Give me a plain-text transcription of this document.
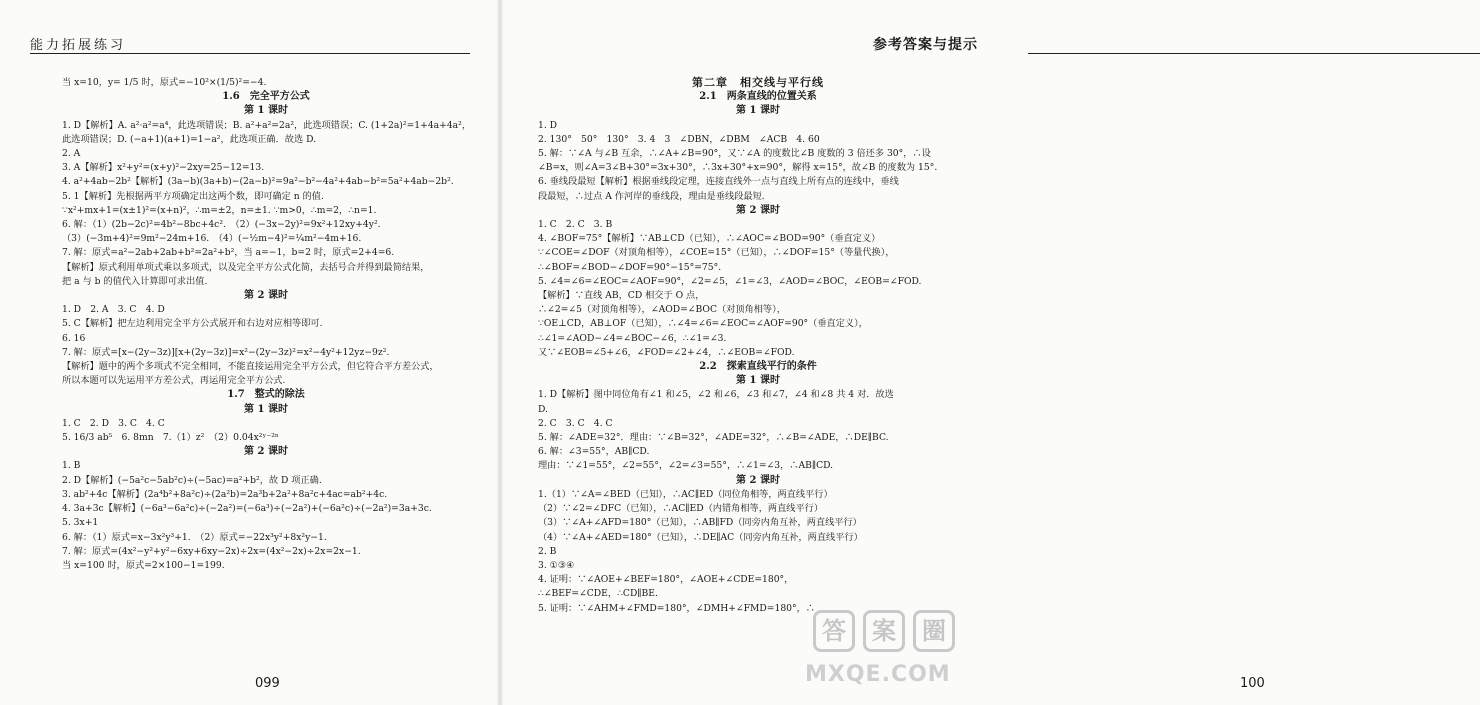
能力拓展练习
当 x=10，y= 1/5 时，原式=−10²×(1/5)²=−4.
1.6　完全平方公式
第 1 课时
1. D【解析】A. a²·a²=a⁴，此选项错误；B. a²+a²=2a²，此选项错误；C. (1+2a)²=1+4a+4a²，
此选项错误；D. (−a+1)(a+1)=1−a²，此选项正确．故选 D.
2. A
3. A【解析】x²+y²=(x+y)²−2xy=25−12=13.
4. a²+4ab−2b²【解析】(3a−b)(3a+b)−(2a−b)²=9a²−b²−4a²+4ab−b²=5a²+4ab−2b².
5. 1【解析】先根据两平方项确定出这两个数，即可确定 n 的值.
∵x²+mx+1=(x±1)²=(x+n)²，∴m=±2，n=±1. ∵m>0，∴m=2，∴n=1.
6. 解：（1）(2b−2c)²=4b²−8bc+4c².　（2）(−3x−2y)²=9x²+12xy+4y².
（3）(−3m+4)²=9m²−24m+16.　（4）(−½m−4)²=¼m²−4m+16.
7. 解：原式=a²−2ab+2ab+b²=2a²+b²，当 a=−1，b=2 时，原式=2+4=6.
【解析】原式利用单项式乘以多项式，以及完全平方公式化简，去括号合并得到最简结果，
把 a 与 b 的值代入计算即可求出值.
第 2 课时
1. D　2. A　3. C　4. D
5. C【解析】把左边利用完全平方公式展开和右边对应相等即可.
6. 16
7. 解：原式=[x−(2y−3z)][x+(2y−3z)]=x²−(2y−3z)²=x²−4y²+12yz−9z².
【解析】题中的两个多项式不完全相同，不能直接运用完全平方公式，但它符合平方差公式，
所以本题可以先运用平方差公式，再运用完全平方公式.
1.7　整式的除法
第 1 课时
1. C　2. D　3. C　4. C
5. 16/3 ab⁵　6. 8mn　7.（1）z²　（2）0.04x²ʸ⁻²ⁿ
第 2 课时
1. B
2. D【解析】(−5a²c−5ab²c)÷(−5ac)=a²+b²，故 D 项正确.
3. ab²+4c【解析】(2a⁴b²+8a²c)÷(2a²b)=2a³b+2a²+8a²c+4ac=ab²+4c.
4. 3a+3c【解析】(−6a³−6a²c)÷(−2a²)=(−6a³)÷(−2a²)+(−6a²c)÷(−2a²)=3a+3c.
5. 3x+1
6. 解：（1）原式=x−3x²y³+1.　（2）原式=−22x³y²+8x²y−1.
7. 解：原式=(4x²−y²+y²−6xy+6xy−2x)÷2x=(4x²−2x)÷2x=2x−1.
当 x=100 时，原式=2×100−1=199.
099
参考答案与提示
100
第二章　相交线与平行线
2.1　两条直线的位置关系
第 1 课时
1. D
2. 130°　50°　130°　3. 4　3　∠DBN，∠DBM　∠ACB　4. 60
5. 解：∵∠A 与∠B 互余，∴∠A+∠B=90°，又∵∠A 的度数比∠B 度数的 3 倍还多 30°，∴设
∠B=x，则∠A=3∠B+30°=3x+30°，∴3x+30°+x=90°，解得 x=15°，故∠B 的度数为 15°.
6. 垂线段最短【解析】根据垂线段定理，连接直线外一点与直线上所有点的连线中，垂线
段最短，∴过点 A 作河岸的垂线段，理由是垂线段最短.
第 2 课时
1. C　2. C　3. B
4. ∠BOF=75°【解析】∵AB⊥CD（已知），∴∠AOC=∠BOD=90°（垂直定义）
∵∠COE=∠DOF（对顶角相等），∠COE=15°（已知），∴∠DOF=15°（等量代换），
∴∠BOF=∠BOD−∠DOF=90°−15°=75°.
5. ∠4=∠6=∠EOC=∠AOF=90°，∠2=∠5，∠1=∠3，∠AOD=∠BOC，∠EOB=∠FOD.
【解析】∵直线 AB，CD 相交于 O 点，
∴∠2=∠5（对顶角相等），∠AOD=∠BOC（对顶角相等），
∵OE⊥CD，AB⊥OF（已知），∴∠4=∠6=∠EOC=∠AOF=90°（垂直定义），
∴∠1=∠AOD−∠4=∠BOC−∠6，∴∠1=∠3.
又∵∠EOB=∠5+∠6，∠FOD=∠2+∠4，∴∠EOB=∠FOD.
2.2　探索直线平行的条件
第 1 课时
1. D【解析】图中同位角有∠1 和∠5，∠2 和∠6，∠3 和∠7，∠4 和∠8 共 4 对．故选
D.
2. C　3. C　4. C
5. 解：∠ADE=32°．理由：∵∠B=32°，∠ADE=32°，∴∠B=∠ADE，∴DE∥BC.
6. 解：∠3=55°，AB∥CD.
理由：∵∠1=55°，∠2=55°，∠2=∠3=55°，∴∠1=∠3，∴AB∥CD.
第 2 课时
1.（1）∵∠A=∠BED（已知），∴AC∥ED（同位角相等，两直线平行）
（2）∵∠2=∠DFC（已知），∴AC∥ED（内错角相等，两直线平行）
（3）∵∠A+∠AFD=180°（已知），∴AB∥FD（同旁内角互补，两直线平行）
（4）∵∠A+∠AED=180°（已知），∴DE∥AC（同旁内角互补，两直线平行）
2. B
3. ①③④
4. 证明：∵∠AOE+∠BEF=180°，∠AOE+∠CDE=180°，
∴∠BEF=∠CDE，∴CD∥BE.
5. 证明：∵∠AHM+∠FMD=180°，∠DMH+∠FMD=180°，∴
答	案	圈
MXQE.COM
